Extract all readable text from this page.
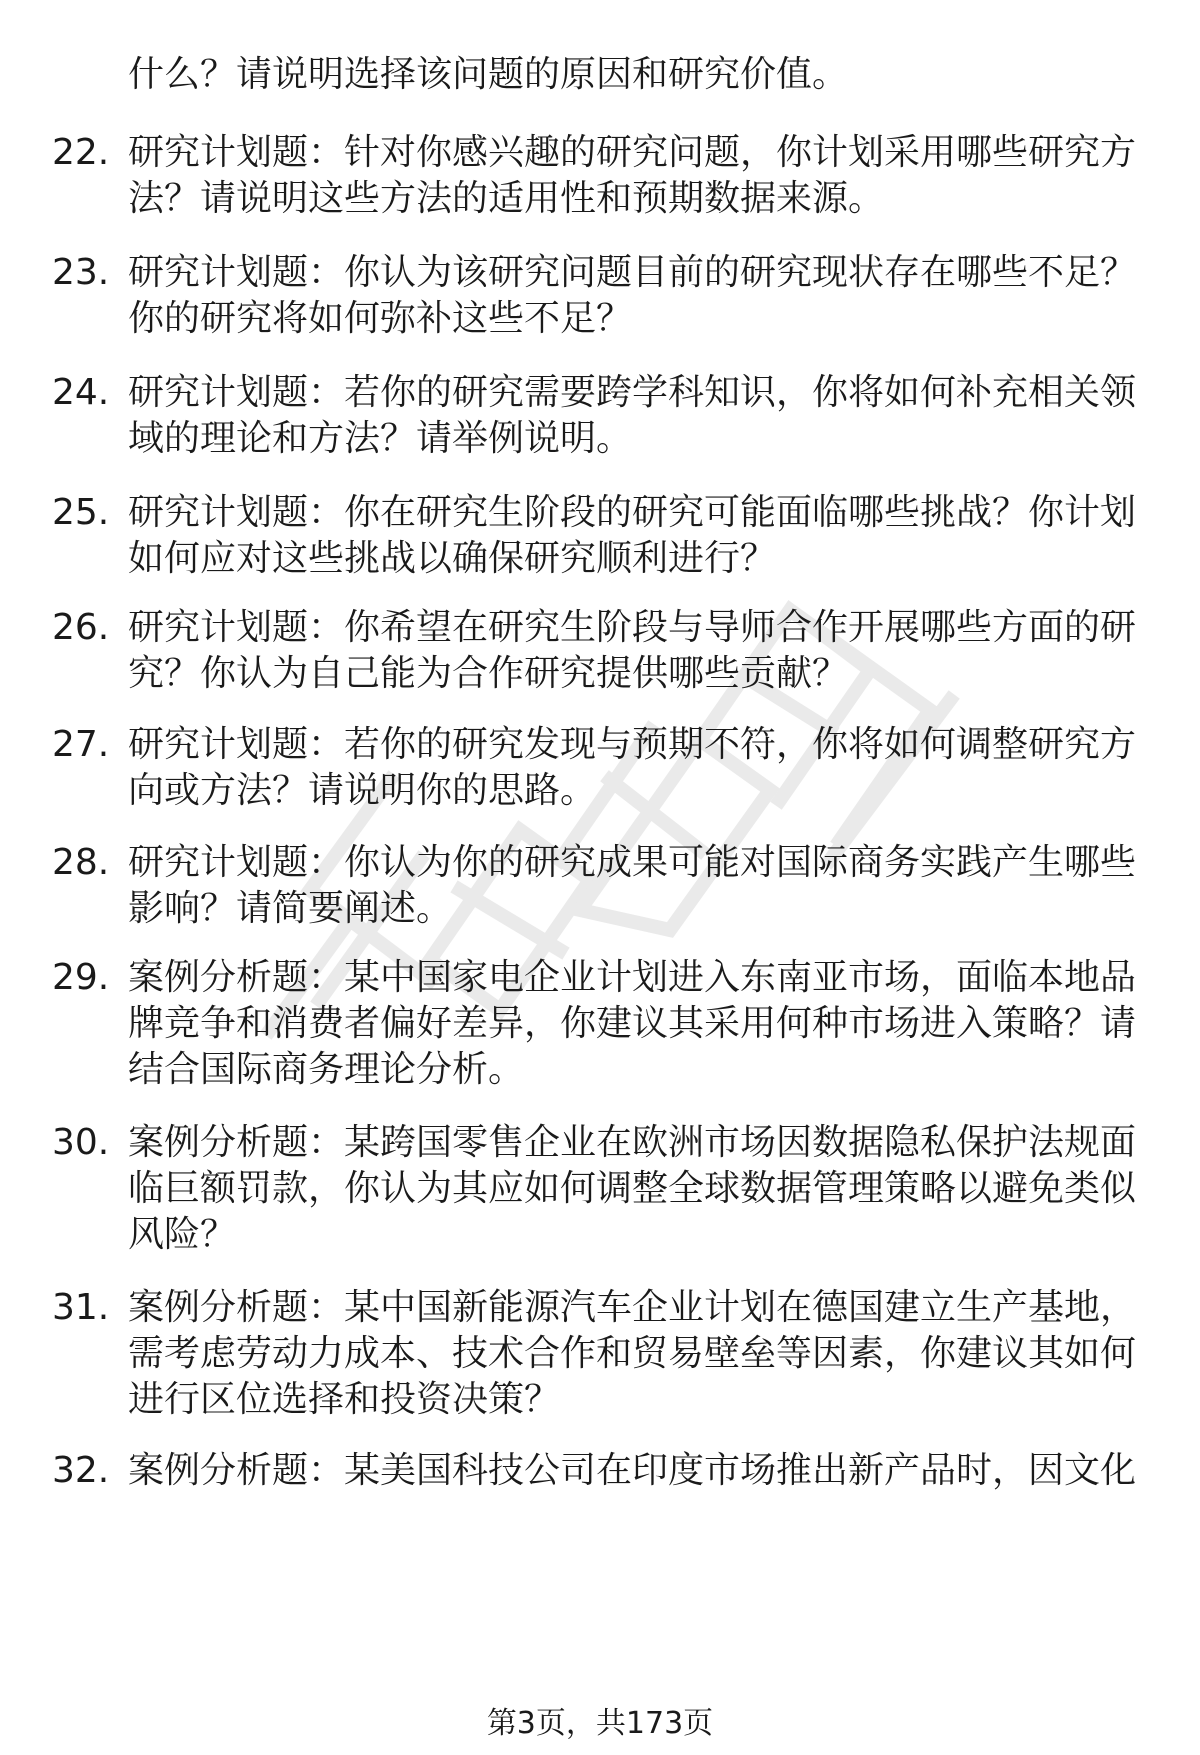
什么？请说明选择该问题的原因和研究价值。
22. 研究计划题：针对你感兴趣的研究问题，你计划采用哪些研究方
法？请说明这些方法的适用性和预期数据来源。
23. 研究计划题：你认为该研究问题目前的研究现状存在哪些不足？
你的研究将如何弥补这些不足？
24. 研究计划题：若你的研究需要跨学科知识，你将如何补充相关领
域的理论和方法？请举例说明。
25. 研究计划题：你在研究生阶段的研究可能面临哪些挑战？你计划
如何应对这些挑战以确保研究顺利进行？
26. 研究计划题：你希望在研究生阶段与导师合作开展哪些方面的研
究？你认为自己能为合作研究提供哪些贡献？
27. 研究计划题：若你的研究发现与预期不符，你将如何调整研究方
向或方法？请说明你的思路。
28. 研究计划题：你认为你的研究成果可能对国际商务实践产生哪些
影响？请简要阐述。
29. 案例分析题：某中国家电企业计划进入东南亚市场，面临本地品
牌竞争和消费者偏好差异，你建议其采用何种市场进入策略？请
结合国际商务理论分析。
30. 案例分析题：某跨国零售企业在欧洲市场因数据隐私保护法规面
临巨额罚款，你认为其应如何调整全球数据管理策略以避免类似
风险？
31. 案例分析题：某中国新能源汽车企业计划在德国建立生产基地，
需考虑劳动力成本、技术合作和贸易壁垒等因素，你建议其如何
进行区位选择和投资决策？
32. 案例分析题：某美国科技公司在印度市场推出新产品时，因文化
第3页，共173页
